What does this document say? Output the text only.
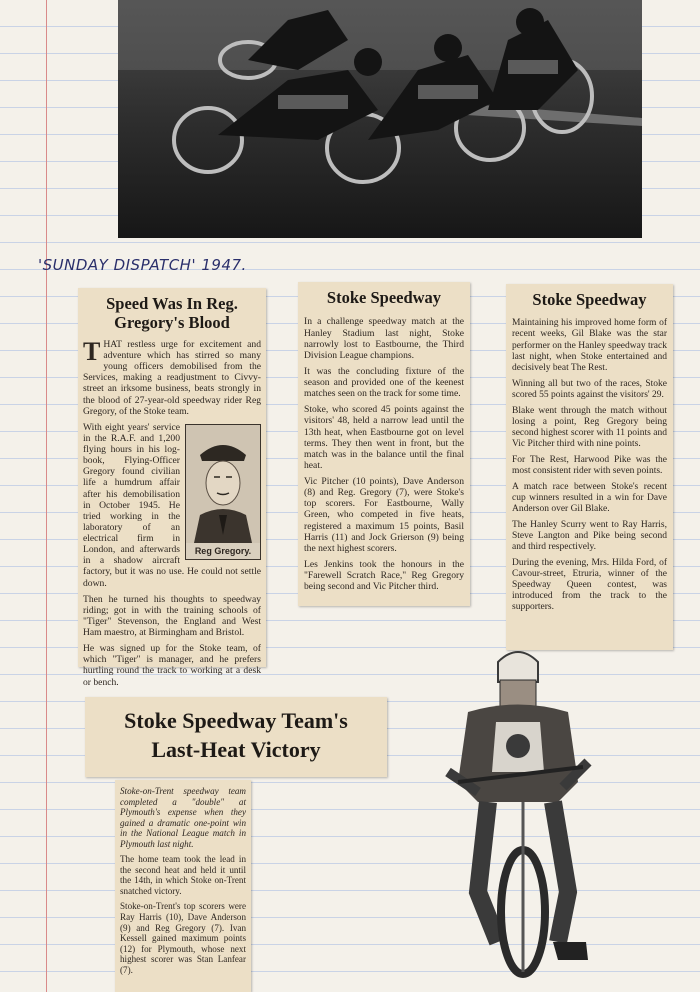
'SUNDAY DISPATCH' 1947.
Speed Was In Reg. Gregory's Blood

THAT restless urge for excitement and adventure which has stirred so many young officers demobilised from the Services, making a readjustment to Civvy-street an irksome business, beats strongly in the blood of 27-year-old speedway rider Reg Gregory, of the Stoke team.

Reg Gregory.

With eight years' service in the R.A.F. and 1,200 flying hours in his log-book, Flying-Officer Gregory found civilian life a humdrum affair after his demobilisation in October 1945. He tried working in the laboratory of an electrical firm in London, and afterwards in a shadow aircraft factory, but it was no use. He could not settle down.

Then he turned his thoughts to speedway riding; got in with the training schools of "Tiger" Stevenson, the England and West Ham maestro, at Birmingham and Bristol.

He was signed up for the Stoke team, of which "Tiger" is manager, and he prefers hurtling round the track to working at a desk or bench.

Stoke Speedway

In a challenge speedway match at the Hanley Stadium last night, Stoke narrowly lost to Eastbourne, the Third Division League champions.

It was the concluding fixture of the season and provided one of the keenest matches seen on the track for some time.

Stoke, who scored 45 points against the visitors' 48, held a narrow lead until the 13th heat, when Eastbourne got on level terms. They then went in front, but the match was in the balance until the final heat.

Vic Pitcher (10 points), Dave Anderson (8) and Reg. Gregory (7), were Stoke's top scorers. For Eastbourne, Wally Green, who competed in five heats, registered a maximum 15 points, Basil Harris (11) and Jock Grierson (9) being the next highest scorers.

Les Jenkins took the honours in the "Farewell Scratch Race," Reg Gregory being second and Vic Pitcher third.

Stoke Speedway

Maintaining his improved home form of recent weeks, Gil Blake was the star performer on the Hanley speedway track last night, when Stoke entertained and decisively beat The Rest.

Winning all but two of the races, Stoke scored 55 points against the visitors' 29.

Blake went through the match without losing a point, Reg Gregory being second highest scorer with 11 points and Vic Pitcher third with nine points.

For The Rest, Harwood Pike was the most consistent rider with seven points.

A match race between Stoke's recent cup winners resulted in a win for Dave Anderson over Gil Blake.

The Hanley Scurry went to Ray Harris, Steve Langton and Pike being second and third respectively.

During the evening, Mrs. Hilda Ford, of Cavour-street, Etruria, winner of the Speedway Queen contest, was introduced from the track to the supporters.

Stoke Speedway Team's
Last-Heat Victory

Stoke-on-Trent speedway team completed a "double" at Plymouth's expense when they gained a dramatic one-point win in the National League match in Plymouth last night.

The home team took the lead in the second heat and held it until the 14th, in which Stoke on-Trent snatched victory.

Stoke-on-Trent's top scorers were Ray Harris (10), Dave Anderson (9) and Reg Gregory (7). Ivan Kessell gained maximum points (12) for Plymouth, whose next highest scorer was Stan Lanfear (7).
